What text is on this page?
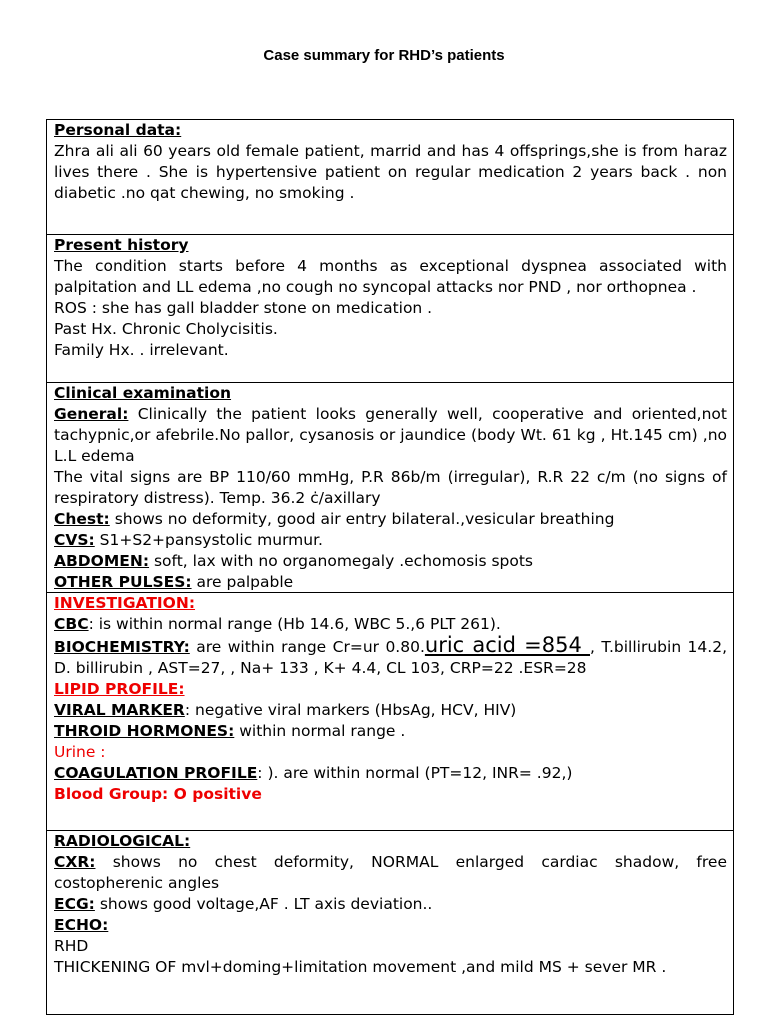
Case summary for RHD’s patients
Personal data:

Zhra ali ali 60 years old female patient, marrid and has 4 offsprings,she is from haraz lives there . She is hypertensive patient on regular medication 2 years back . non diabetic .no qat chewing, no smoking .

Present history

The condition starts before 4 months as exceptional dyspnea associated with palpitation and LL edema ,no cough no syncopal attacks nor PND , nor orthopnea .

ROS : she has gall bladder stone on medication .

Past Hx. Chronic Cholycisitis.

Family Hx. . irrelevant.

Clinical examination

General: Clinically the patient looks generally well, cooperative and oriented,not tachypnic,or afebrile.No pallor, cysanosis or jaundice (body Wt. 61 kg , Ht.145 cm) ,no L.L edema

The vital signs are BP 110/60 mmHg, P.R 86b/m (irregular), R.R 22 c/m (no signs of respiratory distress). Temp. 36.2 ċ/axillary

Chest: shows no deformity, good air entry bilateral.,vesicular breathing

CVS: S1+S2+pansystolic murmur.

ABDOMEN: soft, lax with no organomegaly .echomosis spots

OTHER PULSES: are palpable

INVESTIGATION:

CBC: is within normal range (Hb 14.6, WBC 5.,6 PLT 261).

BIOCHEMISTRY: are within range Cr=ur 0.80.uric acid =854 , T.billirubin 14.2, D. billirubin , AST=27, , Na+ 133 , K+ 4.4, CL 103, CRP=22 .ESR=28

LIPID PROFILE:

VIRAL MARKER: negative viral markers (HbsAg, HCV, HIV)

THROID HORMONES: within normal range .

Urine :

COAGULATION PROFILE: ). are within normal (PT=12, INR= .92,)

Blood Group: O positive

RADIOLOGICAL:

CXR: shows no chest deformity, NORMAL enlarged cardiac shadow, free costopherenic angles

ECG: shows good voltage,AF . LT axis deviation..

ECHO:

RHD

THICKENING OF mvl+doming+limitation movement ,and mild MS + sever MR .
